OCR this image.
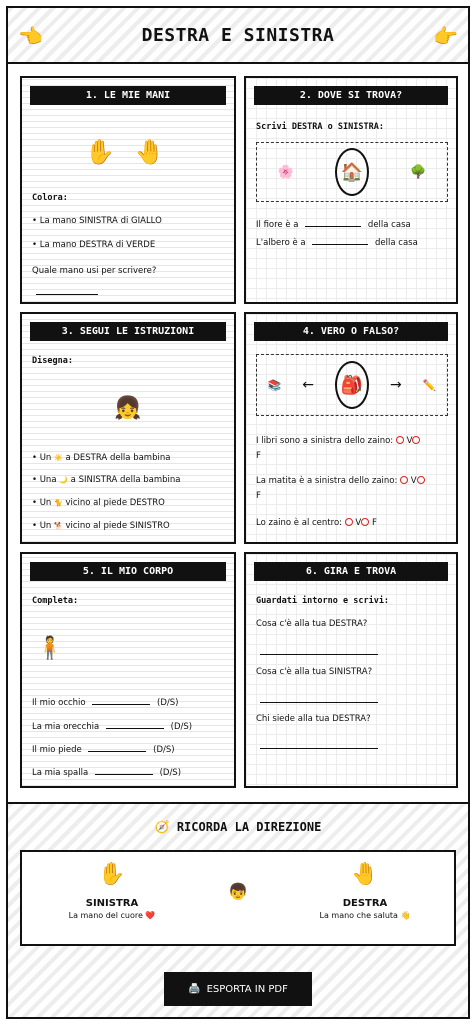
👈	DESTRA E SINISTRA	👉
1. LE MIE MANI
✋ 🤚
Colora:
• La mano SINISTRA di GIALLO
• La mano DESTRA di VERDE
Quale mano usi per scrivere?
2. DOVE SI TROVA?
Scrivi DESTRA o SINISTRA:
🌸	🏠	🌳
Il fiore è a	della casa
L'albero è a	della casa
3. SEGUI LE ISTRUZIONI
Disegna:
👧
• Un ☀️ a DESTRA della bambina
• Una 🌙 a SINISTRA della bambina
• Un 🐈 vicino al piede DESTRO
• Un 🐕 vicino al piede SINISTRO
4. VERO O FALSO?
📚 ←	🎒	→ ✏️
I libri sono a sinistra dello zaino: V
F
La matita è a sinistra dello zaino: V
F
Lo zaino è al centro: V F
5. IL MIO CORPO
Completa:
🧍
Il mio occhio	(D/S)
La mia orecchia	(D/S)
Il mio piede	(D/S)
La mia spalla	(D/S)
6. GIRA E TROVA
Guardati intorno e scrivi:
Cosa c'è alla tua DESTRA?
Cosa c'è alla tua SINISTRA?
Chi siede alla tua DESTRA?
🧭 RICORDA LA DIREZIONE
✋
SINISTRA
La mano del cuore ❤️
👦
🤚
DESTRA
La mano che saluta 👋
🖨️ ESPORTA IN PDF
